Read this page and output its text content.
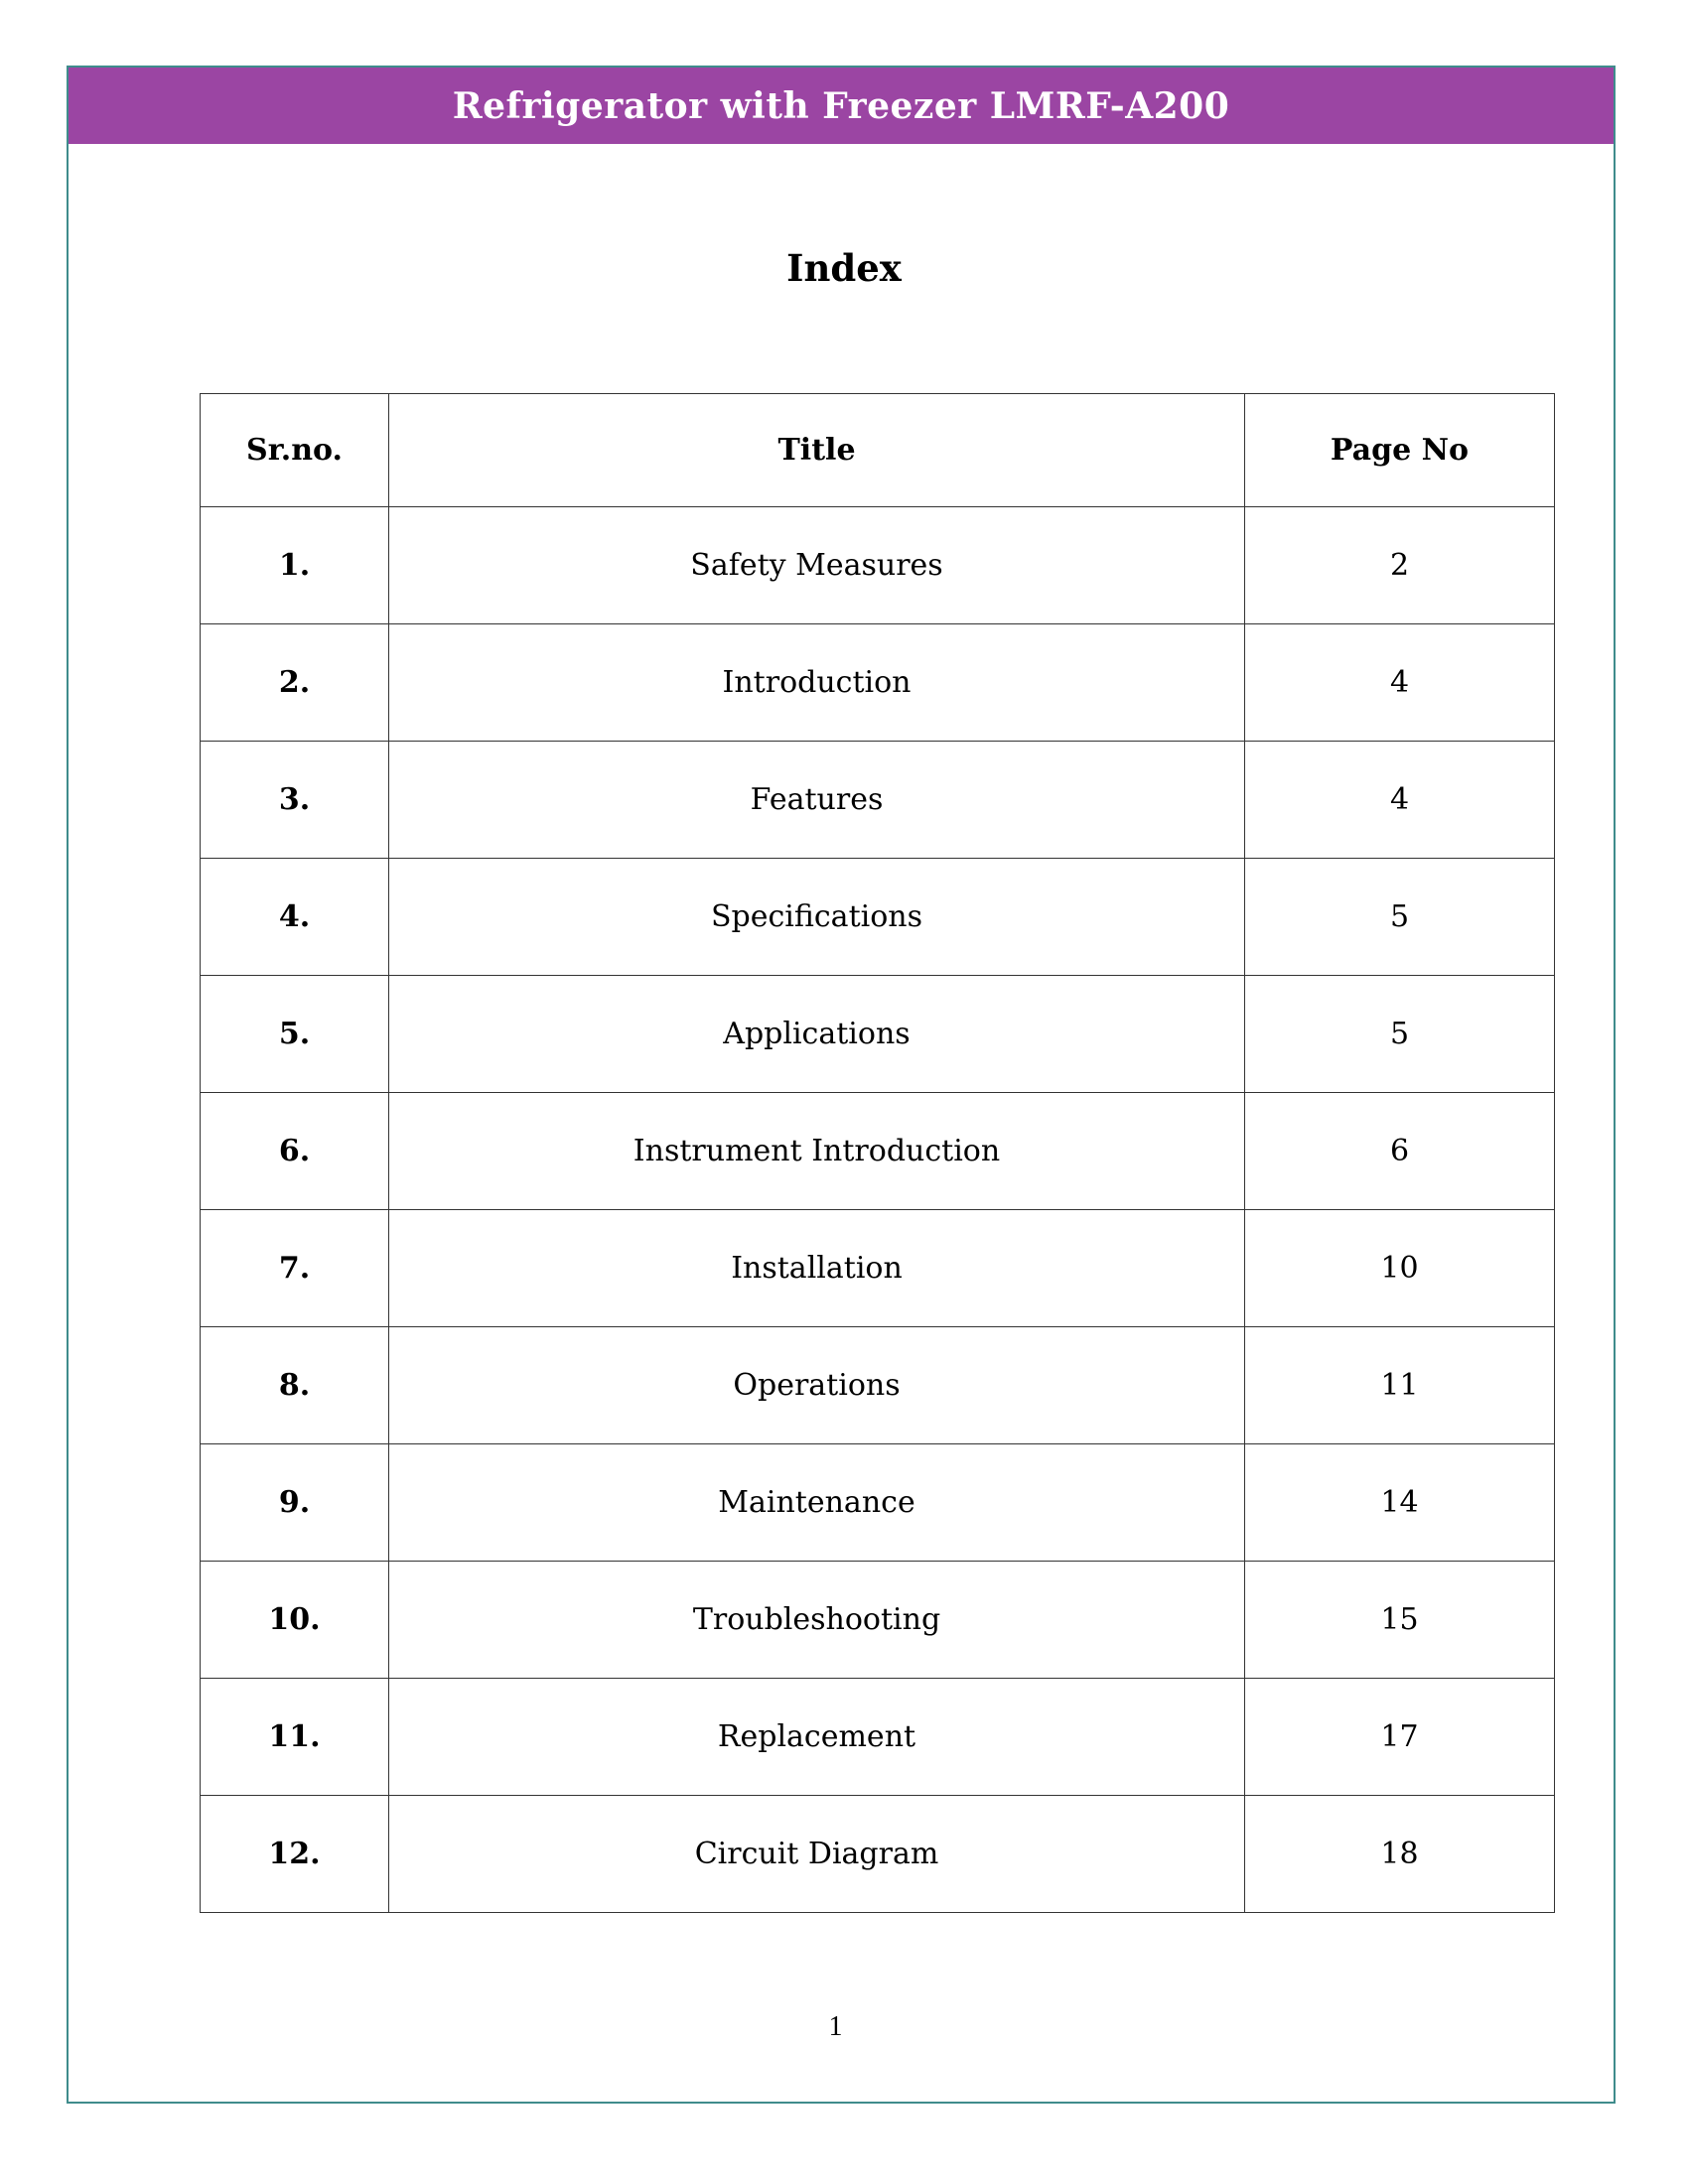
Refrigerator with Freezer LMRF-A200
Index
Sr.no.	Title	Page No
1.	Safety Measures	2
2.	Introduction	4
3.	Features	4
4.	Specifications	5
5.	Applications	5
6.	Instrument Introduction	6
7.	Installation	10
8.	Operations	11
9.	Maintenance	14
10.	Troubleshooting	15
11.	Replacement	17
12.	Circuit Diagram	18
1
